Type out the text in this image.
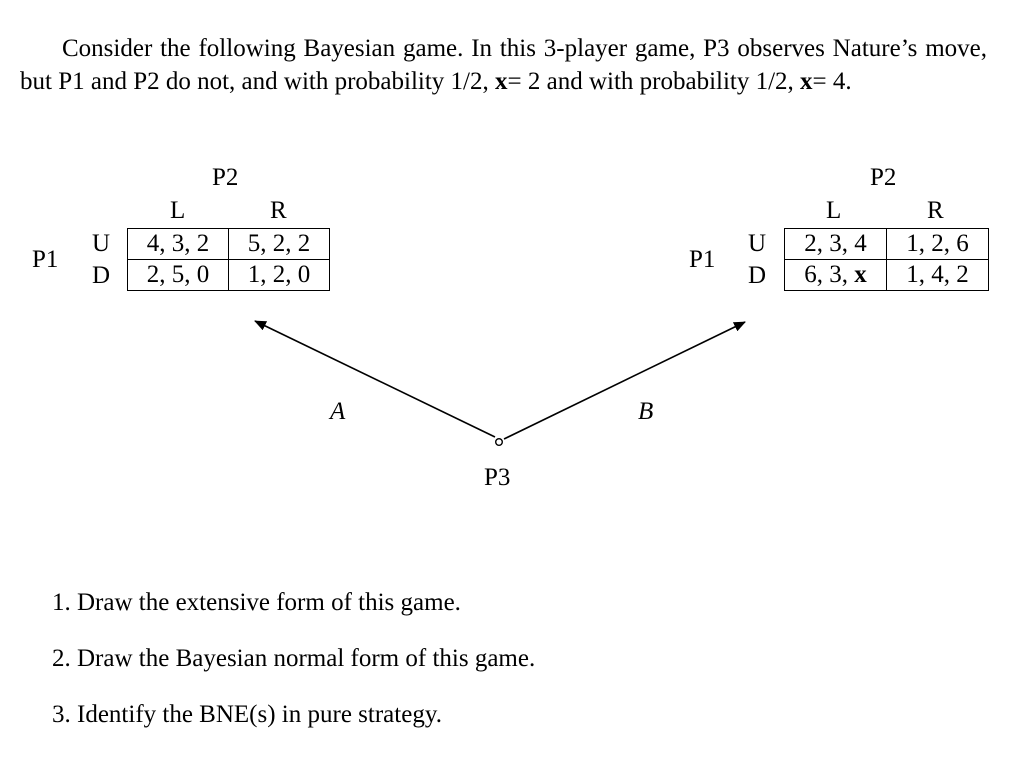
Consider the following Bayesian game. In this 3-player game, P3 observes Nature’s move, but P1 and P2 do not, and with probability 1/2, x= 2 and with probability 1/2, x= 4.

P2
L	R
P1
U
D
4, 3, 2	5, 2, 2
2, 5, 0	1, 2, 0
P2
L	R
P1
U
D
2, 3, 4	1, 2, 6
6, 3, x	1, 4, 2
A	B
P3
1. Draw the extensive form of this game.
2. Draw the Bayesian normal form of this game.
3. Identify the BNE(s) in pure strategy.
